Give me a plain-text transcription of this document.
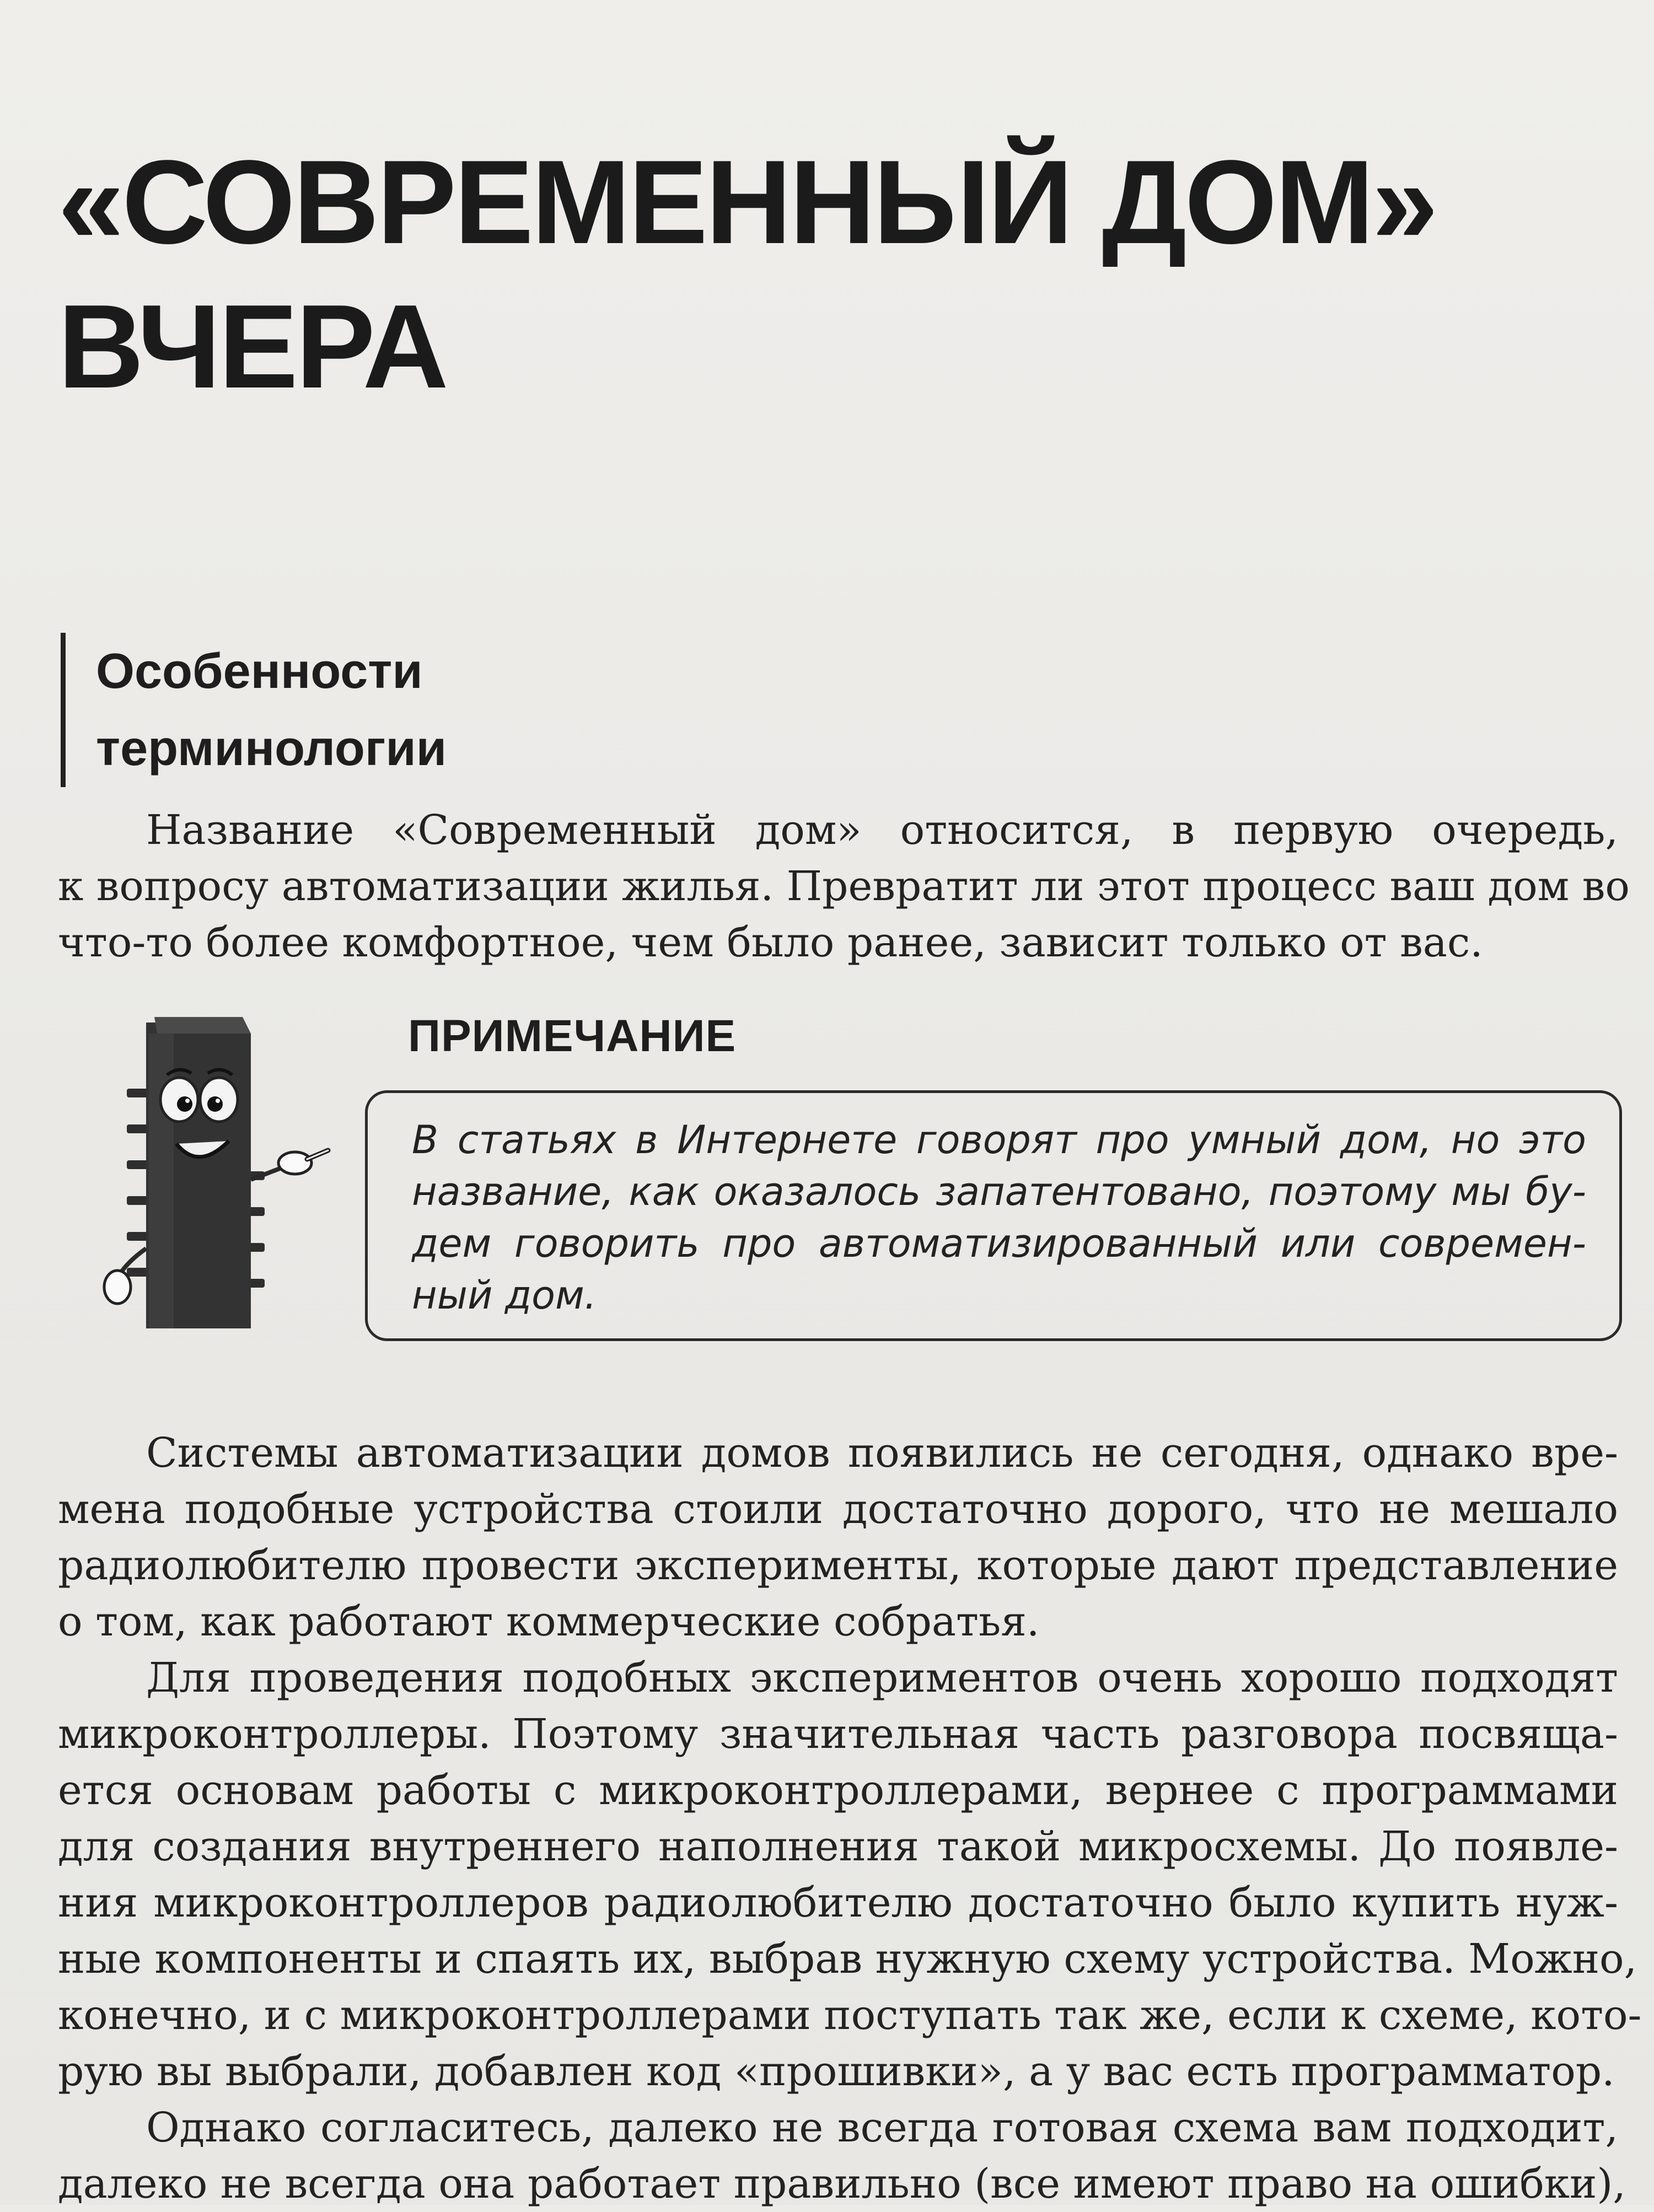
«СОВРЕМЕННЫЙ ДОМ»
ВЧЕРА
Особенности
терминологии

Название «Современный дом» относится, в первую очередь,
к вопросу автоматизации жилья. Превратит ли этот процесс ваш дом во
что-то более комфортное, чем было ранее, зависит только от вас.

ПРИМЕЧАНИЕ

В статьях в Интернете говорят про умный дом, но это
название, как оказалось запатентовано, поэтому мы бу-
дем говорить про автоматизированный или современ-
ный дом.

Системы автоматизации домов появились не сегодня, однако вре-
мена подобные устройства стоили достаточно дорого, что не мешало
радиолюбителю провести эксперименты, которые дают представление
о том, как работают коммерческие собратья.

Для проведения подобных экспериментов очень хорошо подходят
микроконтроллеры. Поэтому значительная часть разговора посвяща-
ется основам работы с микроконтроллерами, вернее с программами
для создания внутреннего наполнения такой микросхемы. До появле-
ния микроконтроллеров радиолюбителю достаточно было купить нуж-
ные компоненты и спаять их, выбрав нужную схему устройства. Можно,
конечно, и с микроконтроллерами поступать так же, если к схеме, кото-
рую вы выбрали, добавлен код «прошивки», а у вас есть программатор.

Однако согласитесь, далеко не всегда готовая схема вам подходит,
далеко не всегда она работает правильно (все имеют право на ошибки),
